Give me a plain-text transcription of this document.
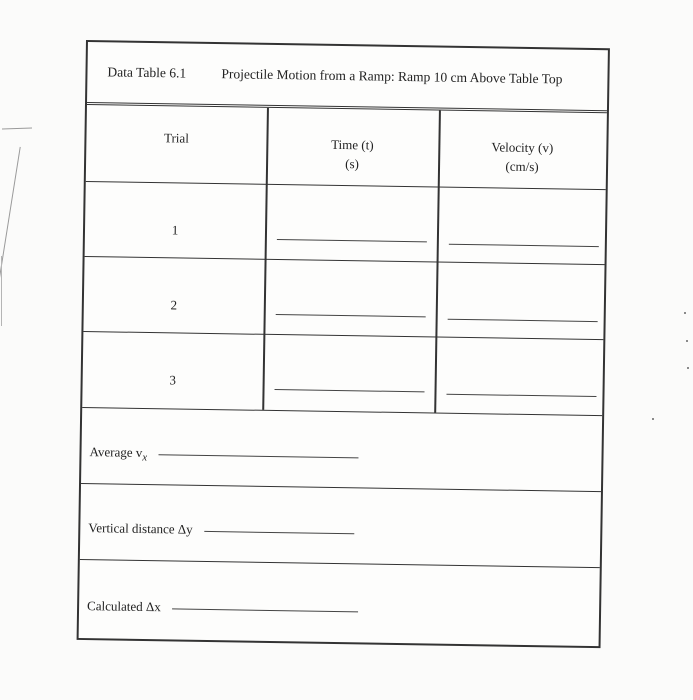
Data Table 6.1	Projectile Motion from a Ramp: Ramp 10 cm Above Table Top
Trial	Time (t)
(s)
Velocity (v)
(cm/s)
1
2
3
Average $v_x$
Vertical distance Δy
Calculated Δx
